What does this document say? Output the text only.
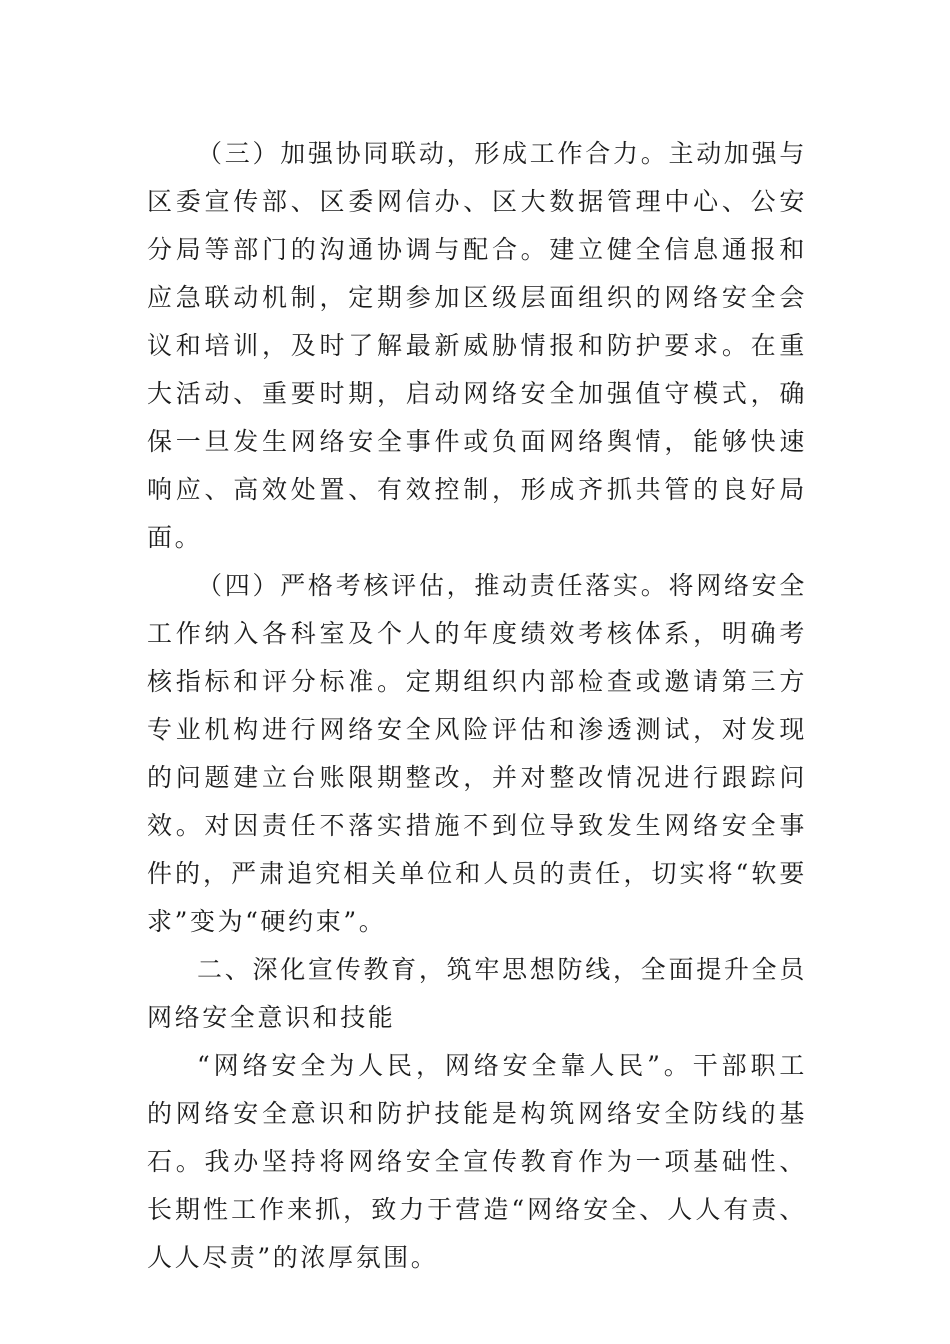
（三）加强协同联动，形成工作合力。主动加强与区委宣传部、区委网信办、区大数据管理中心、公安分局等部门的沟通协调与配合。建立健全信息通报和应急联动机制，定期参加区级层面组织的网络安全会议和培训，及时了解最新威胁情报和防护要求。在重大活动、重要时期，启动网络安全加强值守模式，确保一旦发生网络安全事件或负面网络舆情，能够快速响应、高效处置、有效控制，形成齐抓共管的良好局面。

（四）严格考核评估，推动责任落实。将网络安全工作纳入各科室及个人的年度绩效考核体系，明确考核指标和评分标准。定期组织内部检查或邀请第三方专业机构进行网络安全风险评估和渗透测试，对发现的问题建立台账限期整改，并对整改情况进行跟踪问效。对因责任不落实措施不到位导致发生网络安全事件的，严肃追究相关单位和人员的责任，切实将“软要求”变为“硬约束”。

二、深化宣传教育，筑牢思想防线，全面提升全员网络安全意识和技能

“网络安全为人民，网络安全靠人民”。干部职工的网络安全意识和防护技能是构筑网络安全防线的基石。我办坚持将网络安全宣传教育作为一项基础性、长期性工作来抓，致力于营造“网络安全、人人有责、人人尽责”的浓厚氛围。
